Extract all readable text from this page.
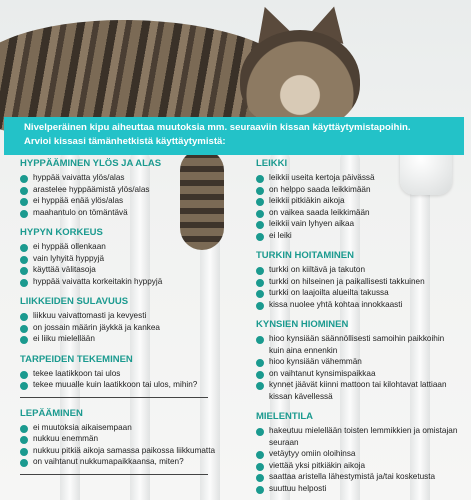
Nivelperäinen kipu aiheuttaa muutoksia mm. seuraaviin kissan käyttäytymistapoihin.
Arvioi kissasi tämänhetkistä käyttäytymistä:
HYPPÄÄMINEN YLÖS JA ALAS
hyppää vaivatta ylös/alas
arastelee hyppäämistä ylös/alas
ei hyppää enää ylös/alas
maahantulo on tömäntävä
HYPYN KORKEUS
ei hyppää ollenkaan
vain lyhyitä hyppyjä
käyttää välitasoja
hyppää vaivatta korkeitakin hyppyjä
LIIKKEIDEN SULAVUUS
liikkuu vaivattomasti ja kevyesti
on jossain määrin jäykkä ja kankea
ei liiku mielellään
TARPEIDEN TEKEMINEN
tekee laatikkoon tai ulos
tekee muualle kuin laatikkoon tai ulos, mihin?
LEPÄÄMINEN
ei muutoksia aikaisempaan
nukkuu enemmän
nukkuu pitkiä aikoja samassa paikossa liikkumatta
on vaihtanut nukkumapaikkaansa, miten?
LEIKKI
leikkii useita kertoja päivässä
on helppo saada leikkimään
leikkii pitkiäkin aikoja
on vaikea saada leikkimään
leikkii vain lyhyen aikaa
ei leiki
TURKIN HOITAMINEN
turkki on kiiltävä ja takuton
turkki on hilseinen ja paikallisesti takkuinen
turkki on laajoilta alueilta takussa
kissa nuolee yhtä kohtaa innokkaasti
KYNSIEN HIOMINEN
hioo kynsiään säännöllisesti samoihin paikkoihin kuin aina ennenkin
hioo kynsiään vähemmän
on vaihtanut kynsimispaikkaa
kynnet jäävät kiinni mattoon tai kilohtavat lattiaan kissan kävellessä
MIELENTILA
hakeutuu mielellään toisten lemmikkien ja omistajan seuraan
vetäytyy omiin oloihinsa
viettää yksi pitkiäkin aikoja
saattaa aristella lähestymistä ja/tai kosketusta
suuttuu helposti
